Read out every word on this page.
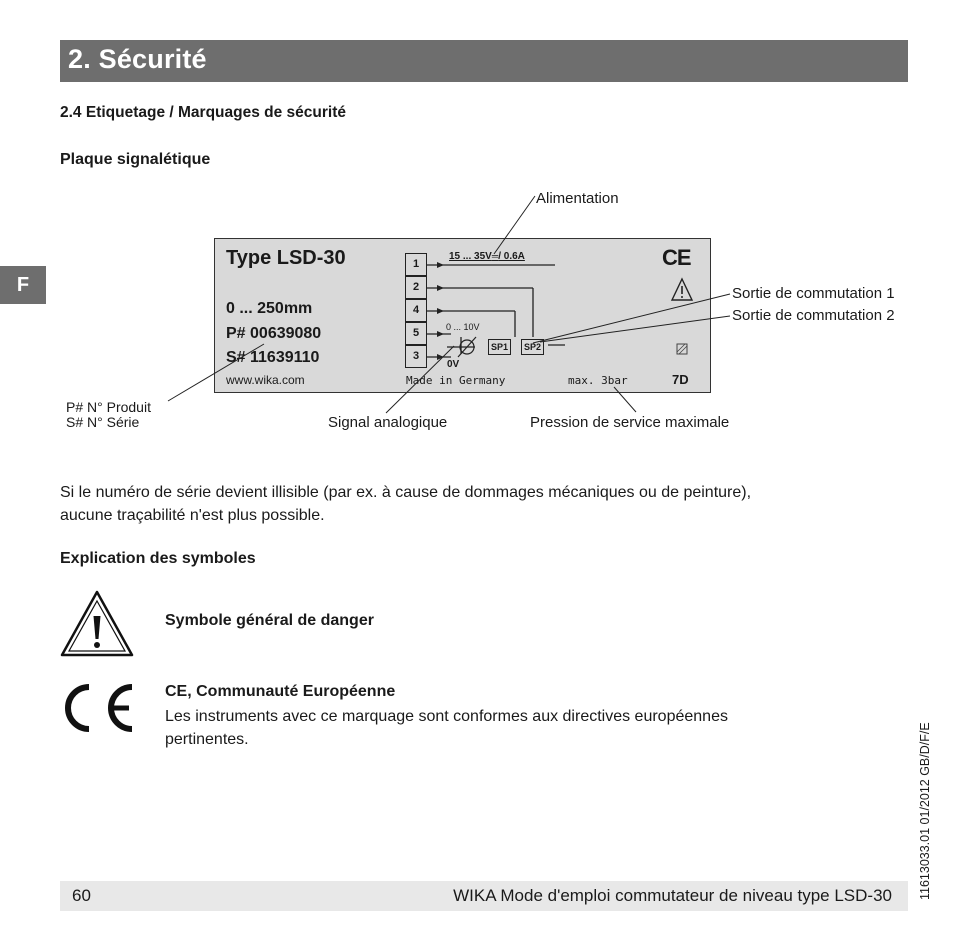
2. Sécurité
F
2.4 Etiquetage / Marquages de sécurité
Plaque signalétique
Alimentation
Sortie de commutation 1
Sortie de commutation 2
P# N° Produit
S# N° Série	Signal analogique	Pression de service maximale
Type LSD-30
0 ... 250mm
P# 00639080
S# 11639110
www.wika.com	Made in Germany	max. 3bar	7D
1
2
4
5
3
15 ... 35V═/ 0.6A
0 ... 10V
0V
SP1	SP2
CE
Si le numéro de série devient illisible (par ex. à cause de dommages mécaniques ou de peinture),
aucune traçabilité n'est plus possible.
Explication des symboles
Symbole général de danger
CE, Communauté Européenne
Les instruments avec ce marquage sont conformes aux directives européennes
pertinentes.	11613033.01 01/2012 GB/D/F/E
60	WIKA Mode d'emploi commutateur de niveau type LSD-30
